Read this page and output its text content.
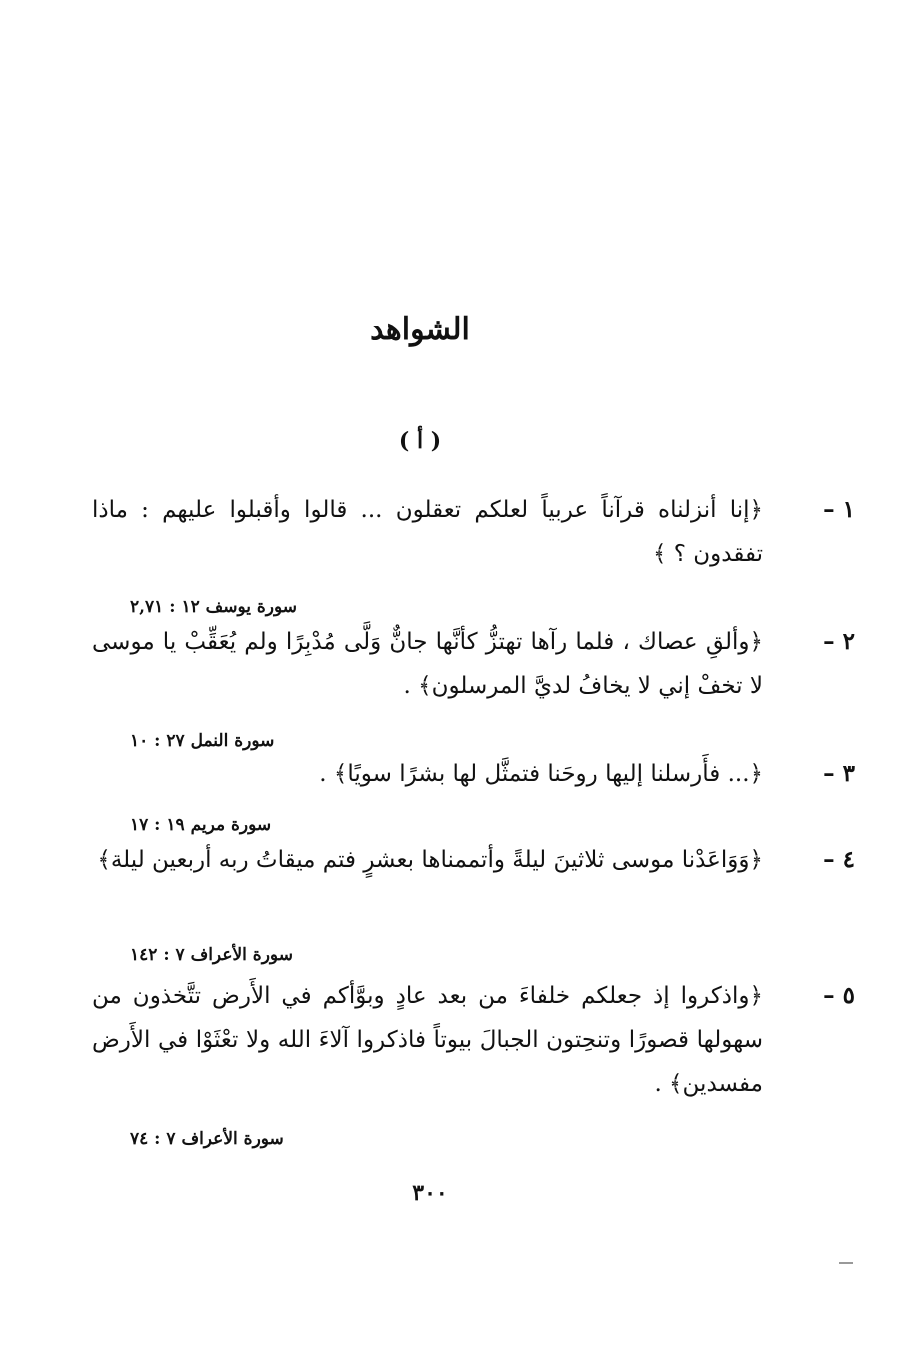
الشواهد
( أ )
١ –
﴿إنا أنزلناه قرآناً عربياً لعلكم تعقلون ... قالوا وأقبلوا عليهم : ماذا تفقدون ؟ ﴾
سورة يوسف ١٢ : ٢,٧١
٢ –
﴿وألقِ عصاك ، فلما رآها تهتزُّ كأنَّها جانٌّ وَلَّى مُدْبِرًا ولم يُعَقِّبْ يا موسى لا تخفْ إني لا يخافُ لديَّ المرسلون﴾ .
سورة النمل ٢٧ : ١٠
٣ –
﴿... فأَرسلنا إليها روحَنا فتمثَّل لها بشرًا سويًا﴾ .
سورة مريم ١٩ : ١٧
٤ –
﴿وَوَاعَدْنا موسى ثلاثينَ ليلةً وأتممناها بعشرٍ فتم ميقاتُ ربه أربعين ليلة﴾
سورة الأعراف ٧ : ١٤٢
٥ –
﴿واذكروا إذ جعلكم خلفاءَ من بعد عادٍ وبوَّأكم في الأَرض تتَّخذون من سهولها قصورًا وتنحِتون الجبالَ بيوتاً فاذكروا آلاءَ الله ولا تعْثَوْا في الأَرض مفسدين﴾ .
سورة الأعراف ٧ : ٧٤
٣٠٠
